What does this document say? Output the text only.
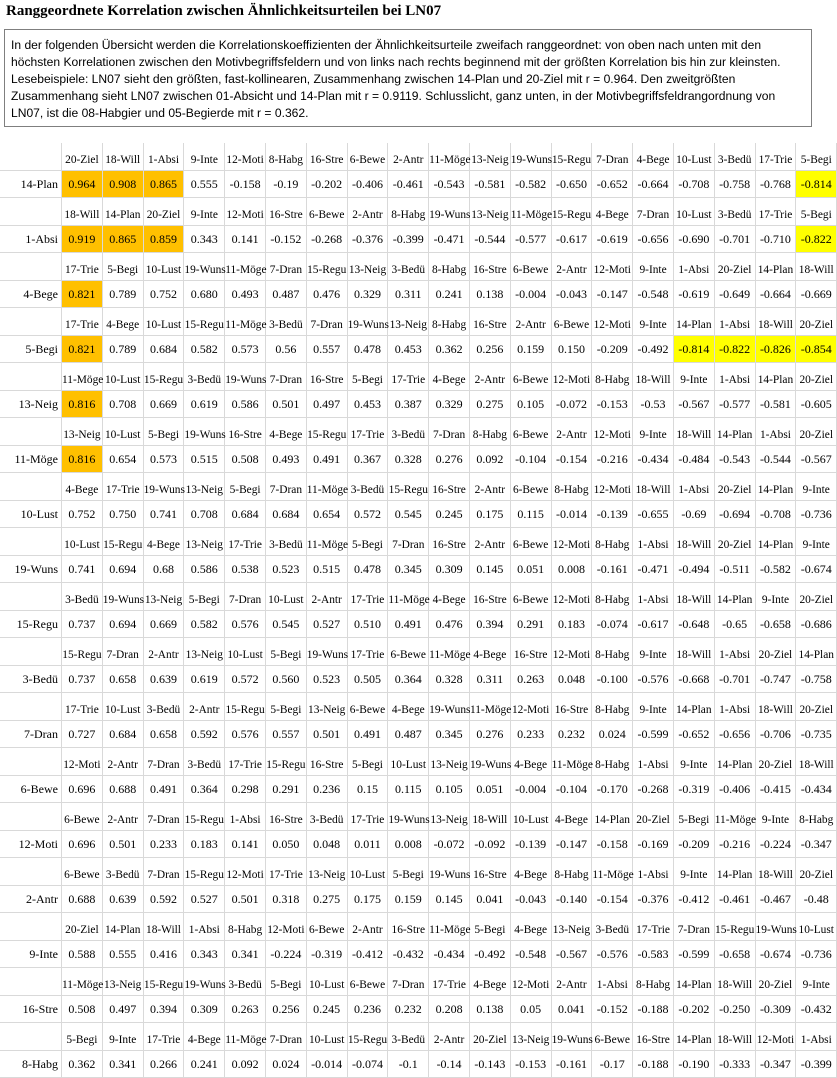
Ranggeordnete Korrelation zwischen Ähnlichkeitsurteilen bei LN07
In der folgenden Übersicht werden die Korrelationskoeffizienten der Ähnlichkeitsurteile zweifach ranggeordnet: von oben nach unten mit den höchsten Korrelationen zwischen den Motivbegriffsfeldern und von links nach rechts beginnend mit der größten Korrelation bis hin zur kleinsten. Lesebeispiele: LN07 sieht den größten, fast-kollinearen, Zusammenhang zwischen 14-Plan und 20-Ziel mit r = 0.964. Den zweitgrößten Zusammenhang sieht LN07 zwischen 01-Absicht und 14-Plan mit r = 0.9119. Schlusslicht, ganz unten, in der Motivbegriffsfeldrangordnung von LN07, ist die 08-Habgier und 05-Begierde mit r = 0.362.
20-Ziel 18-Will 1-Absi	9-Inte 12-Moti 8-Habg 16-Stre 6-Bewe 2-Antr 11-Möge 13-Neig 19-Wuns 15-Regu 7-Dran 4-Bege 10-Lust 3-Bedü 17-Trie 5-Begi
14-Plan 0.964	0.908	0.865	0.555 -0.158	-0.19	-0.202 -0.406 -0.461 -0.543 -0.581 -0.582 -0.650 -0.652 -0.664 -0.708 -0.758 -0.768 -0.814
18-Will 14-Plan 20-Ziel 9-Inte 12-Moti 16-Stre 6-Bewe 2-Antr 8-Habg 19-Wuns 13-Neig 11-Möge 15-Regu 4-Bege 7-Dran 10-Lust 3-Bedü 17-Trie 5-Begi
1-Absi 0.919	0.865	0.859	0.343	0.141 -0.152 -0.268 -0.376 -0.399 -0.471 -0.544 -0.577 -0.617 -0.619 -0.656 -0.690 -0.701 -0.710 -0.822
17-Trie 5-Begi 10-Lust 19-Wuns 11-Möge 7-Dran 15-Regu 13-Neig 3-Bedü 8-Habg 16-Stre 6-Bewe 2-Antr 12-Moti 9-Inte	1-Absi 20-Ziel 14-Plan 18-Will
4-Bege 0.821	0.789	0.752	0.680	0.493	0.487	0.476	0.329	0.311	0.241	0.138 -0.004 -0.043 -0.147 -0.548 -0.619 -0.649 -0.664 -0.669
17-Trie 4-Bege 10-Lust 15-Regu 11-Möge 3-Bedü 7-Dran 19-Wuns 13-Neig 8-Habg 16-Stre 2-Antr 6-Bewe 12-Moti 9-Inte 14-Plan 1-Absi 18-Will 20-Ziel
5-Begi 0.821	0.789	0.684	0.582	0.573	0.56	0.557	0.478	0.453	0.362	0.256	0.159	0.150 -0.209 -0.492 -0.814 -0.822 -0.826 -0.854
11-Möge 10-Lust 15-Regu 3-Bedü 19-Wuns 7-Dran 16-Stre 5-Begi 17-Trie 4-Bege 2-Antr 6-Bewe 12-Moti 8-Habg 18-Will 9-Inte	1-Absi 14-Plan 20-Ziel
13-Neig 0.816	0.708	0.669	0.619	0.586	0.501	0.497	0.453	0.387	0.329	0.275	0.105 -0.072 -0.153	-0.53	-0.567 -0.577 -0.581 -0.605
13-Neig 10-Lust 5-Begi 19-Wuns 16-Stre 4-Bege 15-Regu 17-Trie 3-Bedü 7-Dran 8-Habg 6-Bewe 2-Antr 12-Moti 9-Inte 18-Will 14-Plan 1-Absi 20-Ziel
11-Möge 0.816	0.654	0.573	0.515	0.508	0.493	0.491	0.367	0.328	0.276	0.092 -0.104 -0.154 -0.216 -0.434 -0.484 -0.543 -0.544 -0.567
4-Bege 17-Trie 19-Wuns 13-Neig 5-Begi 7-Dran 11-Möge 3-Bedü 15-Regu 16-Stre 2-Antr 6-Bewe 8-Habg 12-Moti 18-Will 1-Absi 20-Ziel 14-Plan 9-Inte
10-Lust 0.752	0.750	0.741	0.708	0.684	0.684	0.654	0.572	0.545	0.245	0.175	0.115	-0.014 -0.139 -0.655	-0.69	-0.694 -0.708 -0.736
10-Lust 15-Regu 4-Bege 13-Neig 17-Trie 3-Bedü 11-Möge 5-Begi 7-Dran 16-Stre 2-Antr 6-Bewe 12-Moti 8-Habg 1-Absi 18-Will 20-Ziel 14-Plan 9-Inte
19-Wuns 0.741	0.694	0.68	0.586	0.538	0.523	0.515	0.478	0.345	0.309	0.145	0.051	0.008 -0.161 -0.471 -0.494 -0.511 -0.582 -0.674
3-Bedü 19-Wuns 13-Neig 5-Begi 7-Dran 10-Lust 2-Antr 17-Trie 11-Möge 4-Bege 16-Stre 6-Bewe 12-Moti 8-Habg 1-Absi 18-Will 14-Plan 9-Inte 20-Ziel
15-Regu 0.737	0.694	0.669	0.582	0.576	0.545	0.527	0.510	0.491	0.476	0.394	0.291	0.183 -0.074 -0.617 -0.648	-0.65	-0.658 -0.686
15-Regu 7-Dran 2-Antr 13-Neig 10-Lust 5-Begi 19-Wuns 17-Trie 6-Bewe 11-Möge 4-Bege 16-Stre 12-Moti 8-Habg 9-Inte 18-Will 1-Absi 20-Ziel 14-Plan
3-Bedü 0.737	0.658	0.639	0.619	0.572	0.560	0.523	0.505	0.364	0.328	0.311	0.263	0.048 -0.100 -0.576 -0.668 -0.701 -0.747 -0.758
17-Trie 10-Lust 3-Bedü 2-Antr 15-Regu 5-Begi 13-Neig 6-Bewe 4-Bege 19-Wuns 11-Möge 12-Moti 16-Stre 8-Habg 9-Inte 14-Plan 1-Absi 18-Will 20-Ziel
7-Dran 0.727	0.684	0.658	0.592	0.576	0.557	0.501	0.491	0.487	0.345	0.276	0.233	0.232	0.024 -0.599 -0.652 -0.656 -0.706 -0.735
12-Moti 2-Antr 7-Dran 3-Bedü 17-Trie 15-Regu 16-Stre 5-Begi 10-Lust 13-Neig 19-Wuns 4-Bege 11-Möge 8-Habg 1-Absi	9-Inte 14-Plan 20-Ziel 18-Will
6-Bewe 0.696	0.688	0.491	0.364	0.298	0.291	0.236	0.15	0.115	0.105	0.051 -0.004 -0.104 -0.170 -0.268 -0.319 -0.406 -0.415 -0.434
6-Bewe 2-Antr 7-Dran 15-Regu 1-Absi 16-Stre 3-Bedü 17-Trie 19-Wuns 13-Neig 18-Will 10-Lust 4-Bege 14-Plan 20-Ziel 5-Begi 11-Möge 9-Inte 8-Habg
12-Moti 0.696	0.501	0.233	0.183	0.141	0.050	0.048	0.011	0.008 -0.072 -0.092 -0.139 -0.147 -0.158 -0.169 -0.209 -0.216 -0.224 -0.347
6-Bewe 3-Bedü 7-Dran 15-Regu 12-Moti 17-Trie 13-Neig 10-Lust 5-Begi 19-Wuns 16-Stre 4-Bege 8-Habg 11-Möge 1-Absi	9-Inte 14-Plan 18-Will 20-Ziel
2-Antr 0.688	0.639	0.592	0.527	0.501	0.318	0.275	0.175	0.159	0.145	0.041 -0.043 -0.140 -0.154 -0.376 -0.412 -0.461 -0.467	-0.48
20-Ziel 14-Plan 18-Will 1-Absi 8-Habg 12-Moti 6-Bewe 2-Antr 16-Stre 11-Möge 5-Begi 4-Bege 13-Neig 3-Bedü 17-Trie 7-Dran 15-Regu 19-Wuns 10-Lust
9-Inte 0.588	0.555	0.416	0.343	0.341 -0.224 -0.319 -0.412 -0.432 -0.434 -0.492 -0.548 -0.567 -0.576 -0.583 -0.599 -0.658 -0.674 -0.736
11-Möge 13-Neig 15-Regu 19-Wuns 3-Bedü 5-Begi 10-Lust 6-Bewe 7-Dran 17-Trie 4-Bege 12-Moti 2-Antr 1-Absi 8-Habg 14-Plan 18-Will 20-Ziel 9-Inte
16-Stre 0.508	0.497	0.394	0.309	0.263	0.256	0.245	0.236	0.232	0.208	0.138	0.05	0.041 -0.152 -0.188 -0.202 -0.250 -0.309 -0.432
5-Begi	9-Inte 17-Trie 4-Bege 11-Möge 7-Dran 10-Lust 15-Regu 3-Bedü 2-Antr 20-Ziel 13-Neig 19-Wuns 6-Bewe 16-Stre 14-Plan 18-Will 12-Moti 1-Absi
8-Habg 0.362	0.341	0.266	0.241	0.092	0.024 -0.014 -0.074	-0.1	-0.14	-0.143 -0.153 -0.161	-0.17	-0.188 -0.190 -0.333 -0.347 -0.399
